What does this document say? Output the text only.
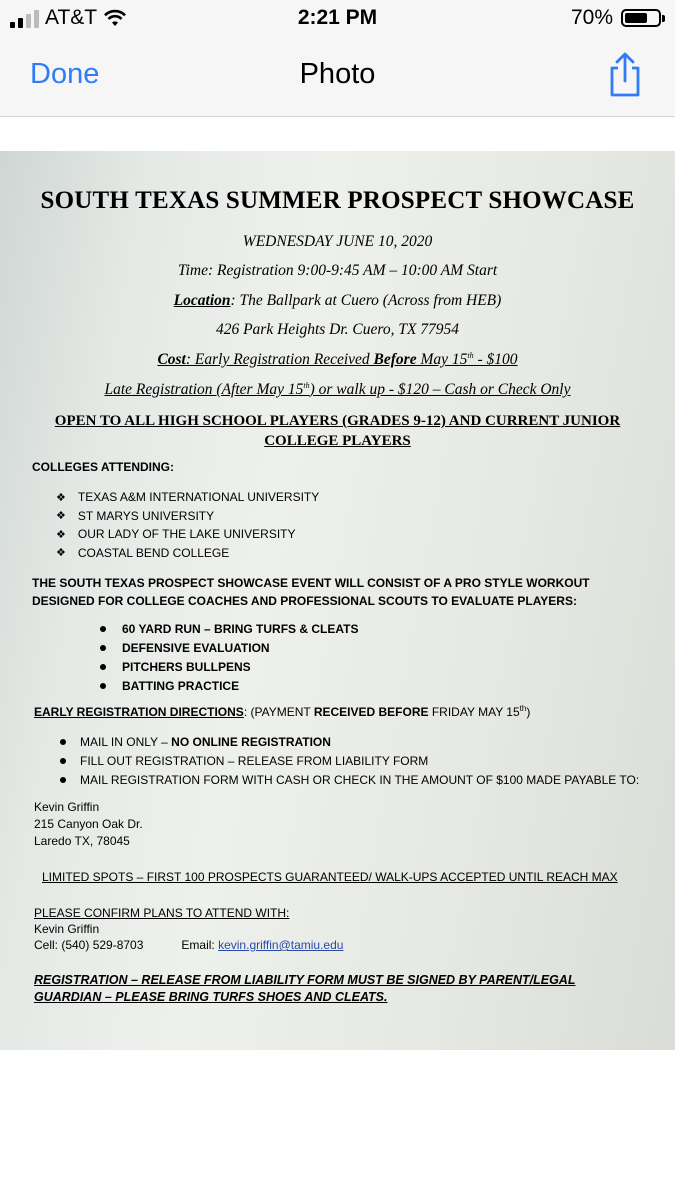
AT&T	2:21 PM	70%
Done	Photo
SOUTH TEXAS SUMMER PROSPECT SHOWCASE
WEDNESDAY JUNE 10, 2020
Time: Registration 9:00-9:45 AM – 10:00 AM Start
Location: The Ballpark at Cuero (Across from HEB)
426 Park Heights Dr. Cuero, TX 77954
Cost: Early Registration Received Before May 15th - $100
Late Registration (After May 15th) or walk up - $120 – Cash or Check Only
OPEN TO ALL HIGH SCHOOL PLAYERS (GRADES 9-12) AND CURRENT JUNIOR COLLEGE PLAYERS
COLLEGES ATTENDING:
❖ TEXAS A&M INTERNATIONAL UNIVERSITY
❖ ST MARYS UNIVERSITY
❖ OUR LADY OF THE LAKE UNIVERSITY
❖ COASTAL BEND COLLEGE
THE SOUTH TEXAS PROSPECT SHOWCASE EVENT WILL CONSIST OF A PRO STYLE WORKOUT DESIGNED FOR COLLEGE COACHES AND PROFESSIONAL SCOUTS TO EVALUATE PLAYERS:
60 YARD RUN – BRING TURFS & CLEATS
DEFENSIVE EVALUATION
PITCHERS BULLPENS
BATTING PRACTICE
EARLY REGISTRATION DIRECTIONS: (PAYMENT RECEIVED BEFORE FRIDAY MAY 15th)
MAIL IN ONLY – NO ONLINE REGISTRATION
FILL OUT REGISTRATION – RELEASE FROM LIABILITY FORM
MAIL REGISTRATION FORM WITH CASH OR CHECK IN THE AMOUNT OF $100 MADE PAYABLE TO:
Kevin Griffin
215 Canyon Oak Dr.
Laredo TX, 78045
LIMITED SPOTS – FIRST 100 PROSPECTS GUARANTEED/ WALK-UPS ACCEPTED UNTIL REACH MAX
PLEASE CONFIRM PLANS TO ATTEND WITH:
Kevin Griffin
Cell: (540) 529-8703	Email: kevin.griffin@tamiu.edu
REGISTRATION – RELEASE FROM LIABILITY FORM MUST BE SIGNED BY PARENT/LEGAL GUARDIAN – PLEASE BRING TURFS SHOES AND CLEATS.
